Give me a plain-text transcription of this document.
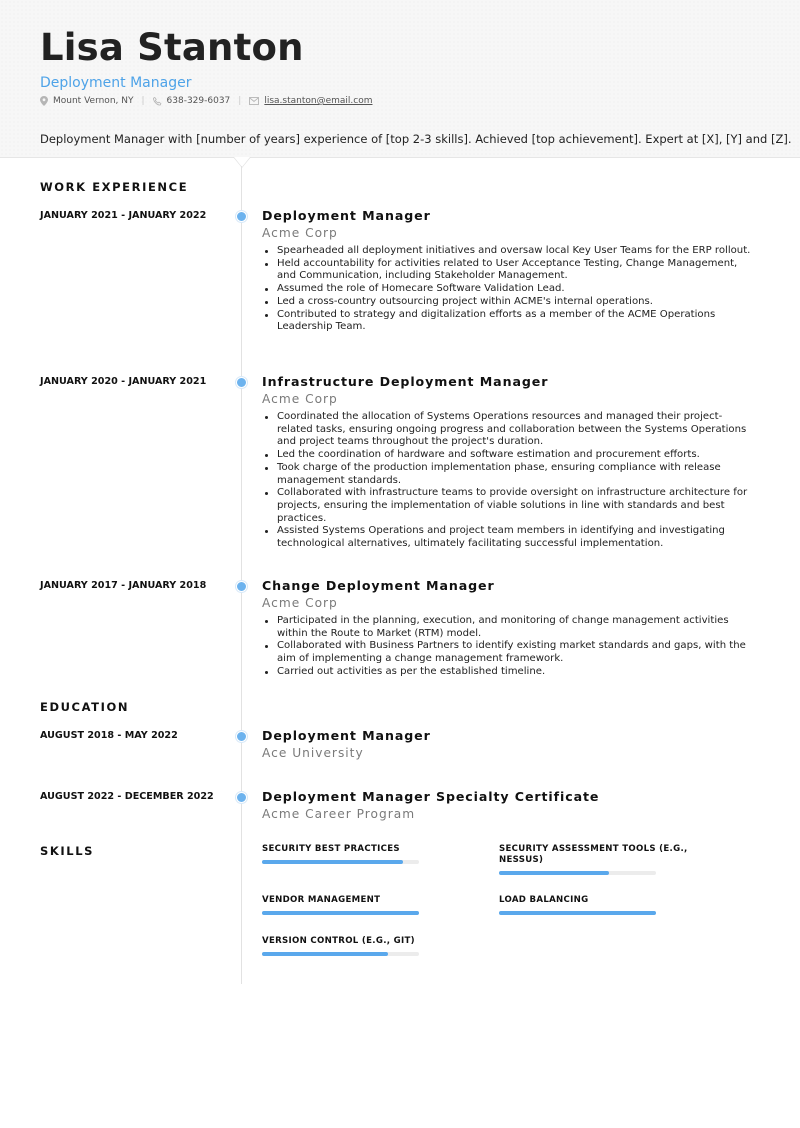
Lisa Stanton
Deployment Manager
Mount Vernon, NY | 638-329-6037 |	lisa.stanton@email.com
Deployment Manager with [number of years] experience of [top 2-3 skills]. Achieved [top achievement]. Expert at [X], [Y] and [Z].
WORK EXPERIENCE
JANUARY 2021 - JANUARY 2022	Deployment Manager
Acme Corp
Spearheaded all deployment initiatives and oversaw local Key User Teams for the ERP rollout.
Held accountability for activities related to User Acceptance Testing, Change Management, and Communication, including Stakeholder Management.
Assumed the role of Homecare Software Validation Lead.
Led a cross-country outsourcing project within ACME's internal operations.
Contributed to strategy and digitalization efforts as a member of the ACME Operations Leadership Team.
JANUARY 2020 - JANUARY 2021	Infrastructure Deployment Manager
Acme Corp
Coordinated the allocation of Systems Operations resources and managed their project-related tasks, ensuring ongoing progress and collaboration between the Systems Operations and project teams throughout the project's duration.
Led the coordination of hardware and software estimation and procurement efforts.
Took charge of the production implementation phase, ensuring compliance with release management standards.
Collaborated with infrastructure teams to provide oversight on infrastructure architecture for projects, ensuring the implementation of viable solutions in line with standards and best practices.
Assisted Systems Operations and project team members in identifying and investigating technological alternatives, ultimately facilitating successful implementation.
JANUARY 2017 - JANUARY 2018	Change Deployment Manager
Acme Corp
Participated in the planning, execution, and monitoring of change management activities within the Route to Market (RTM) model.
Collaborated with Business Partners to identify existing market standards and gaps, with the aim of implementing a change management framework.
Carried out activities as per the established timeline.
EDUCATION
AUGUST 2018 - MAY 2022	Deployment Manager
Ace University
AUGUST 2022 - DECEMBER 2022	Deployment Manager Specialty Certificate
Acme Career Program
SKILLS	SECURITY BEST PRACTICES	SECURITY ASSESSMENT TOOLS (E.G., NESSUS)
VENDOR MANAGEMENT	LOAD BALANCING
VERSION CONTROL (E.G., GIT)
